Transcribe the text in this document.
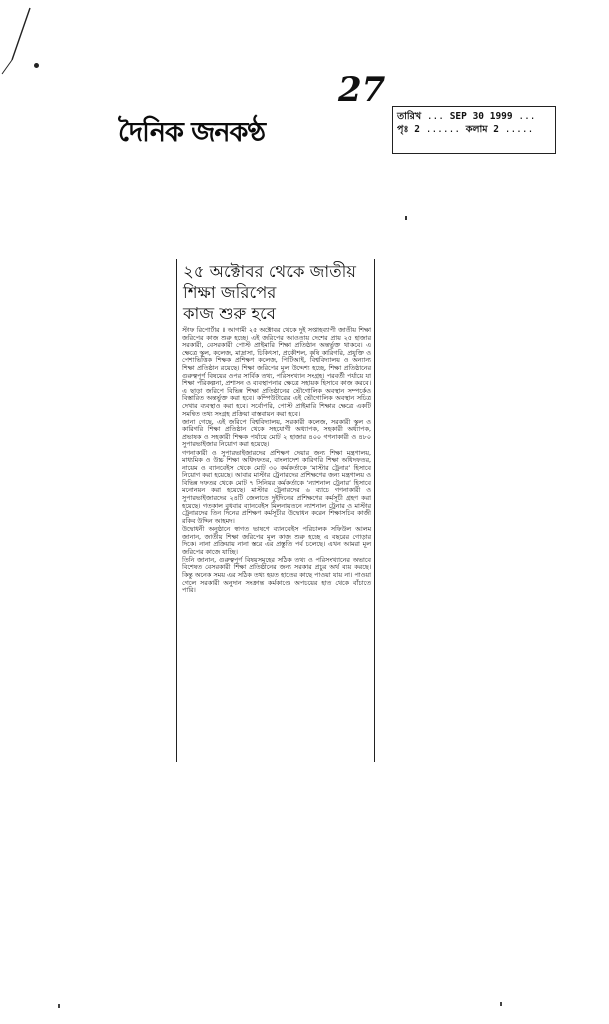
দৈনিক জনকণ্ঠ
27
তারিখ ... SEP 30 1999 ...
পৃঃ 2 ...... কলাম 2 .....
২৫ অক্টোবর থেকে জাতীয়
শিক্ষা জরিপের
কাজ শুরু হবে

স্টাফ রিপোর্টার ॥ আগামী ২৫ অক্টোবর থেকে দুই সপ্তাহব্যাপী জাতীয় শিক্ষা জরিপের কাজ শুরু হচ্ছে। এই জরিপের আওতায় দেশের প্রায় ২৫ হাজার সরকারী, বেসরকারী পোস্ট প্রাইমারি শিক্ষা প্রতিষ্ঠান অন্তর্ভুক্ত থাকবে। এ ক্ষেত্রে স্কুল, কলেজ, মাদ্রাসা, চিকিৎসা, প্রকৌশল, কৃষি কারিগরি, প্রযুক্তি ও পেশাভিত্তিক শিক্ষক প্রশিক্ষণ কলেজ, পিটিআই, বিশ্ববিদ্যালয় ও অন্যান্য শিক্ষা প্রতিষ্ঠান রয়েছে। শিক্ষা জরিপের মূল উদ্দেশ্য হচ্ছে, শিক্ষা প্রতিষ্ঠানের গুরুত্বপূর্ণ বিষয়ের ওপর সার্বিক তথ্য, পরিসংখ্যান সংগ্রহ। পরবর্তী পর্যায়ে যা শিক্ষা পরিকল্পনা, প্রশাসন ও ব্যবস্থাপনার ক্ষেত্রে সহায়ক হিসাবে কাজ করবে। এ ছাড়া জরিপে বিভিন্ন শিক্ষা প্রতিষ্ঠানের ভৌগোলিক অবস্থান সম্পর্কেও বিস্তারিত অন্তর্ভুক্ত করা হবে। কম্পিউটারের এই ভৌগোলিক অবস্থান সচিত্র দেখার ব্যবস্থাও করা হবে। সর্বোপরি, পোস্ট প্রাইমারি শিক্ষার ক্ষেত্রে একটি সমন্বিত তথ্য সংগ্রহ প্রক্রিয়া বাস্তবায়ন করা হবে।

জানা গেছে, এই জরিপে বিশ্ববিদ্যালয়, সরকারী কলেজ, সরকারী স্কুল ও কারিগরি শিক্ষা প্রতিষ্ঠান থেকে সহযোগী অধ্যাপক, সহকারী অধ্যাপক, প্রভাষক ও সহকারী শিক্ষক পর্যায়ে মোট ২ হাজার ৪০০ গণনাকারী ও ৪৮০ সুপারভাইজার নিয়োগ করা হয়েছে।

গণনাকারী ও সুপারভাইজারদের প্রশিক্ষণ দেয়ার জন্য শিক্ষা মন্ত্রণালয়, মাধ্যমিক ও উচ্চ শিক্ষা অধিদফতর, বাংলাদেশ কারিগরি শিক্ষা অধিদফতর, নায়েম ও ব্যানবেইস থেকে মোট ৩০ কর্মকর্তাকে ‘মাস্টার ট্রেনার’ হিসাবে নিয়োগ করা হয়েছে। আবার মাস্টার ট্রেনারদের প্রশিক্ষণের জন্য মন্ত্রণালয় ও বিভিন্ন দফতর থেকে মোট ৭ সিনিয়র কর্মকর্তাকে ‘ন্যাশনাল ট্রেনার’ হিসাবে মনোনয়ন করা হয়েছে। মাস্টার ট্রেনারদের ৬ ব্যাচে গণনাকারী ও সুপারভাইজারদের ২৪টি জেলাতে দুইদিনের প্রশিক্ষণের কর্মসূচী গ্রহণ করা হয়েছে। গতকাল বুধবার ব্যানবেইস মিলনায়তনে ন্যাশনাল ট্রেনার ও মাস্টার ট্রেনারদের তিন দিনের প্রশিক্ষণ কর্মসূচীর উদ্বোধন করেন শিক্ষাসচিব কাজী রকিব উদ্দিন আহমদ।

উদ্বোধনী অনুষ্ঠানে স্বাগত ভাষণে ব্যানবেইস পরিচালক সফিউল আলম জানান, জাতীয় শিক্ষা জরিপের মূল কাজ শুরু হচ্ছে এ বছরের গোড়ার দিকে। নানা প্রক্রিয়ায় নানা স্তরে এর প্রস্তুতি পর্ব চলেছে। এখন আমরা মূল জরিপের কাজে যাচ্ছি।

তিনি জানান, গুরুত্বপূর্ণ বিষয়সমূহের সঠিক তথ্য ও পরিসংখ্যানের অভাবে বিশেষত বেসরকারী শিক্ষা প্রতিষ্ঠানের জন্য সরকার প্রচুর অর্থ ব্যয় করছে। কিন্তু অনেক সময় এর সঠিক তথ্য হয়ত হাতের কাছে পাওয়া যায় না। পাওয়া গেলে সরকারী অনুদান সংক্রান্ত কর্মকাণ্ডে অপচয়ের হাত থেকে বাঁচাতে পারি।
